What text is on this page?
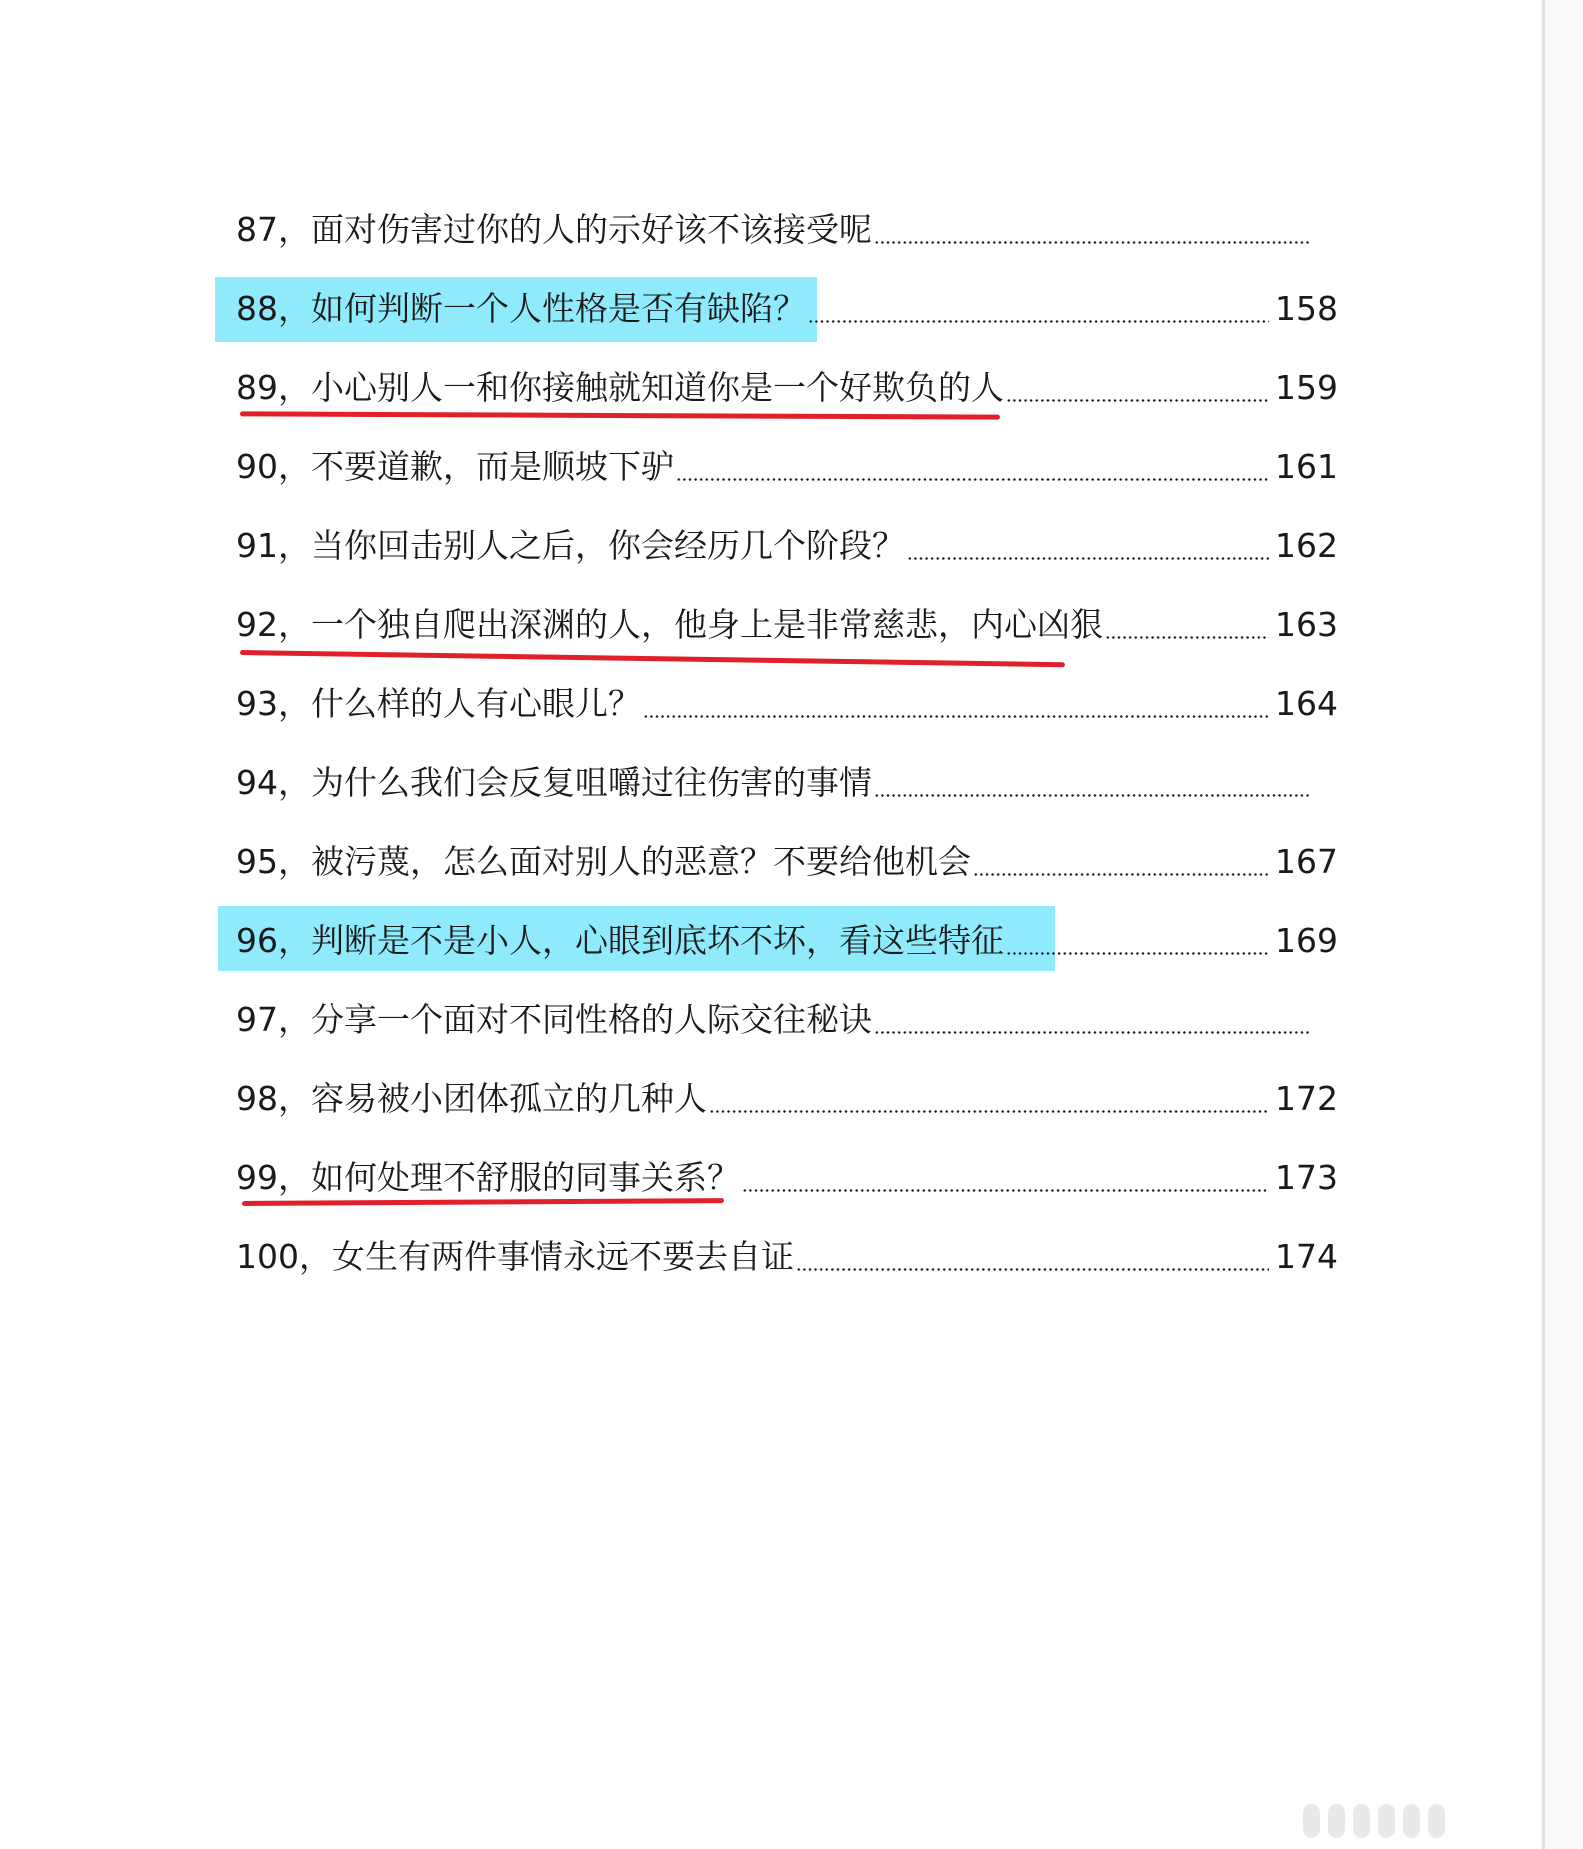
87，面对伤害过你的人的示好该不该接受呢
88，如何判断一个人性格是否有缺陷？	158
89，小心别人一和你接触就知道你是一个好欺负的人	159
90，不要道歉，而是顺坡下驴	161
91，当你回击别人之后，你会经历几个阶段？	162
92，一个独自爬出深渊的人，他身上是非常慈悲，内心凶狠	163
93，什么样的人有心眼儿？	164
94，为什么我们会反复咀嚼过往伤害的事情
95，被污蔑，怎么面对别人的恶意？不要给他机会	167
96，判断是不是小人，心眼到底坏不坏，看这些特征	169
97，分享一个面对不同性格的人际交往秘诀
98，容易被小团体孤立的几种人	172
99，如何处理不舒服的同事关系？	173
100，女生有两件事情永远不要去自证	174
